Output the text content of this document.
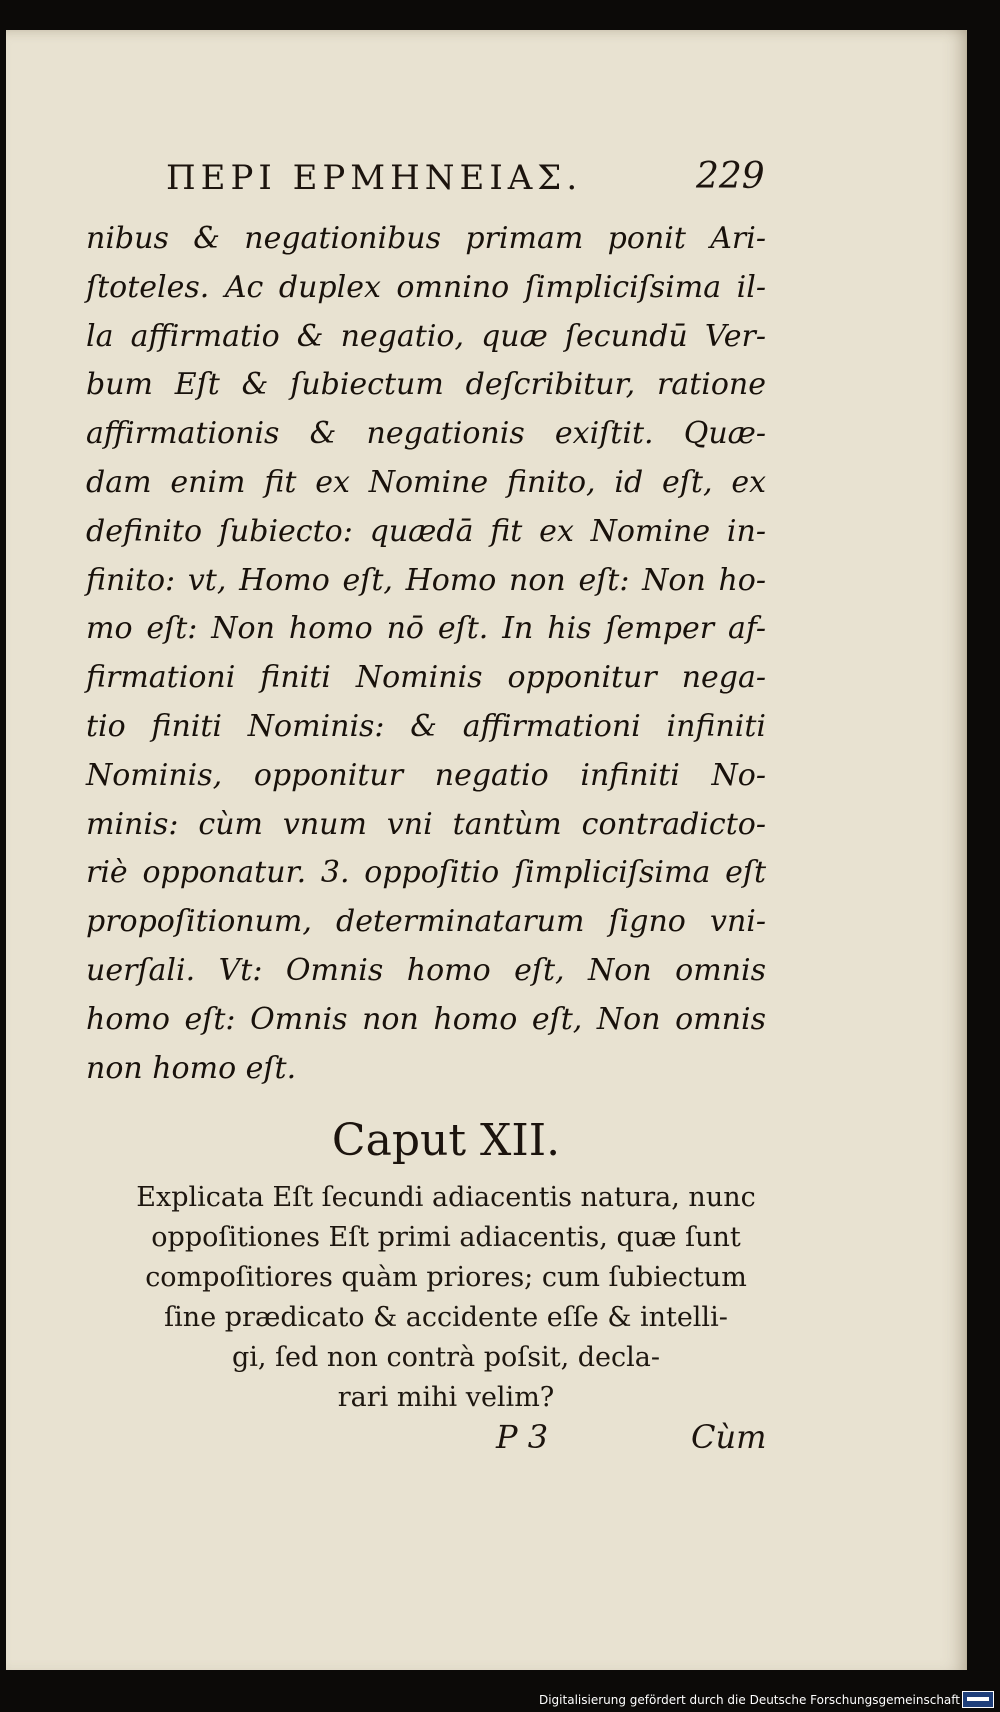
ΠΕΡΙ ΕΡΜΗΝΕΙΑΣ.	229
nibus & negationibus primam ponit Ari-
ſtoteles. Ac duplex omnino ſimpliciſsima il-
la affirmatio & negatio, quæ ſecundū Ver-
bum Eſt & ſubiectum deſcribitur, ratione
affirmationis & negationis exiſtit. Quæ-
dam enim fit ex Nomine finito, id eſt, ex
definito ſubiecto: quædā fit ex Nomine in-
finito: vt, Homo eſt, Homo non eſt: Non ho-
mo eſt: Non homo nō eſt. In his ſemper af-
firmationi finiti Nominis opponitur nega-
tio finiti Nominis: & affirmationi infiniti
Nominis, opponitur negatio infiniti No-
minis: cùm vnum vni tantùm contradicto-
riè opponatur. 3. oppoſitio ſimpliciſsima eſt
propoſitionum, determinatarum ſigno vni-
uerſali. Vt: Omnis homo eſt, Non omnis
homo eſt: Omnis non homo eſt, Non omnis
non homo eſt.
Caput XII.
Explicata Eſt ſecundi adiacentis natura, nunc
oppoſitiones Eſt primi adiacentis, quæ ſunt
compoſitiores quàm priores; cum ſubiectum
ſine prædicato & accidente eſſe & intelli-
gi, ſed non contrà poſsit, decla-
rari mihi velim?
P 3	Cùm
Digitalisierung gefördert durch die Deutsche Forschungsgemeinschaft
